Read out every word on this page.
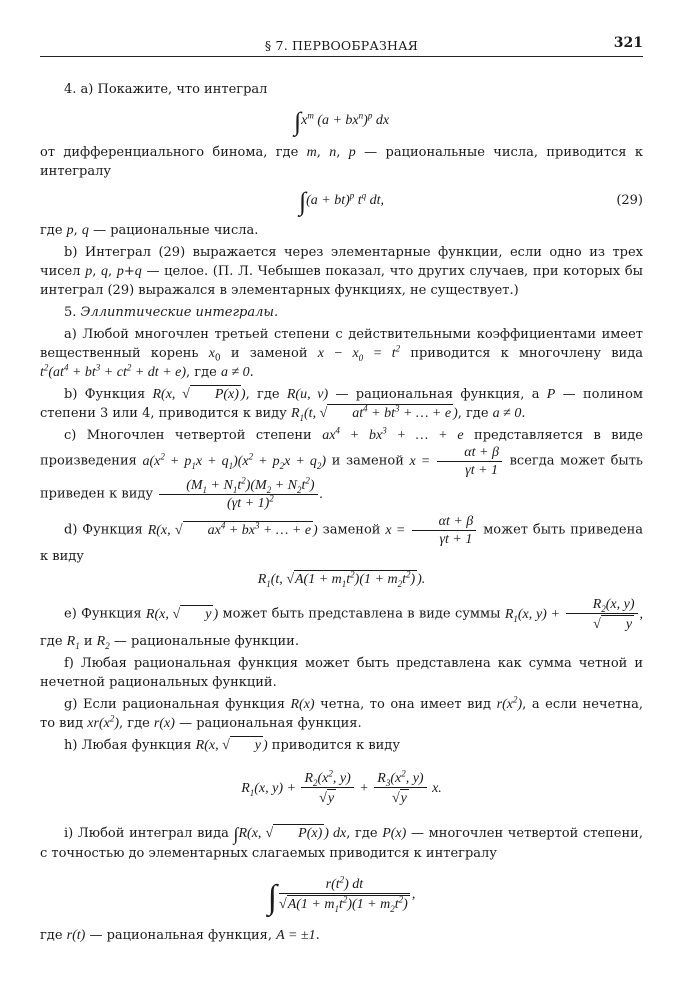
§ 7. ПЕРВООБРАЗНАЯ	321

4. a) Покажите, что интеграл

$\int x^m$ $(a + bx^n)^p$ dx

от дифференциального бинома, где m, n, p — рациональные числа, приводится к интегралу

∫(a + bt)$^p$ $t^q$ dt,	(29)

где p, q — рациональные числа.

b) Интеграл (29) выражается через элементарные функции, если одно из трех чисел p, q, p+q — целое. (П. Л. Чебышев показал, что других случаев, при которых бы интеграл (29) выражался в элементарных функциях, не существует.)

5. Эллиптические интегралы.

a) Любой многочлен третьей степени с действительными коэффициентами имеет вещественный корень $x_0$ и заменой $x - x_0 = t^2$ приводится к многочлену вида $t^2(at^4 + bt^3 + ct^2$ + dt + e), где a ≠ 0.

b) Функция R(x, √ P(x) ), где R(u, v) — рациональная функция, а P — полином степени 3 или 4, приводится к виду $R_1(t$, √ $at^4 + bt^3$ + … + e ), где a ≠ 0.

c) Многочлен четвертой степени $ax^4 + bx^3$ + … + e представляется в виде произведения $a(x^2 + p_1x + q_1)(x^2 + p_2x + q_2)$ и заменой $x = \frac{\alpha t + \beta}{\gamma t + 1}$ всегда может быть приведен к виду $\frac{(M_1 + N_1t^2)(M_2 + N_2t^2)}{(\gamma t + 1)^2}$ .

d) Функция R(x, √ $ax^4 + bx^3$ + … + e ) заменой $x = \frac{\alpha t + \beta}{\gamma t + 1}$ может быть приведена к виду

$R_1(t$, $√A(1 + m_1t^2)(1 + m_2t^2)$ ).

e) Функция R(x, √ y ) может быть представлена в виде суммы $R_1(x$, $y) + \frac{R_2(x, y)}{√ y}$ , где $R_1$ и $R_2$ — рациональные функции.

f) Любая рациональная функция может быть представлена как сумма четной и нечетной рациональных функций.

g) Если рациональная функция R(x) четна, то она имеет вид $r(x^2)$, а если нечетна, то вид $xr(x^2)$, где r(x) — рациональная функция.

h) Любая функция R(x, √ y ) приводится к виду

$R_1(x$, $y) + \frac{R_2(x^2, y)}{√y} + \frac{R_3(x^2, y)}{√y} x$.

i) Любой интеграл вида ∫R(x, √ P(x) ) dx, где P(x) — многочлен четвертой степени, с точностью до элементарных слагаемых приводится к интегралу

∫ $\frac{r(t^2) dt}{√A(1 + m_1t^2)(1 + m_2t^2)}$ ,

где r(t) — рациональная функция, A = ±1.
